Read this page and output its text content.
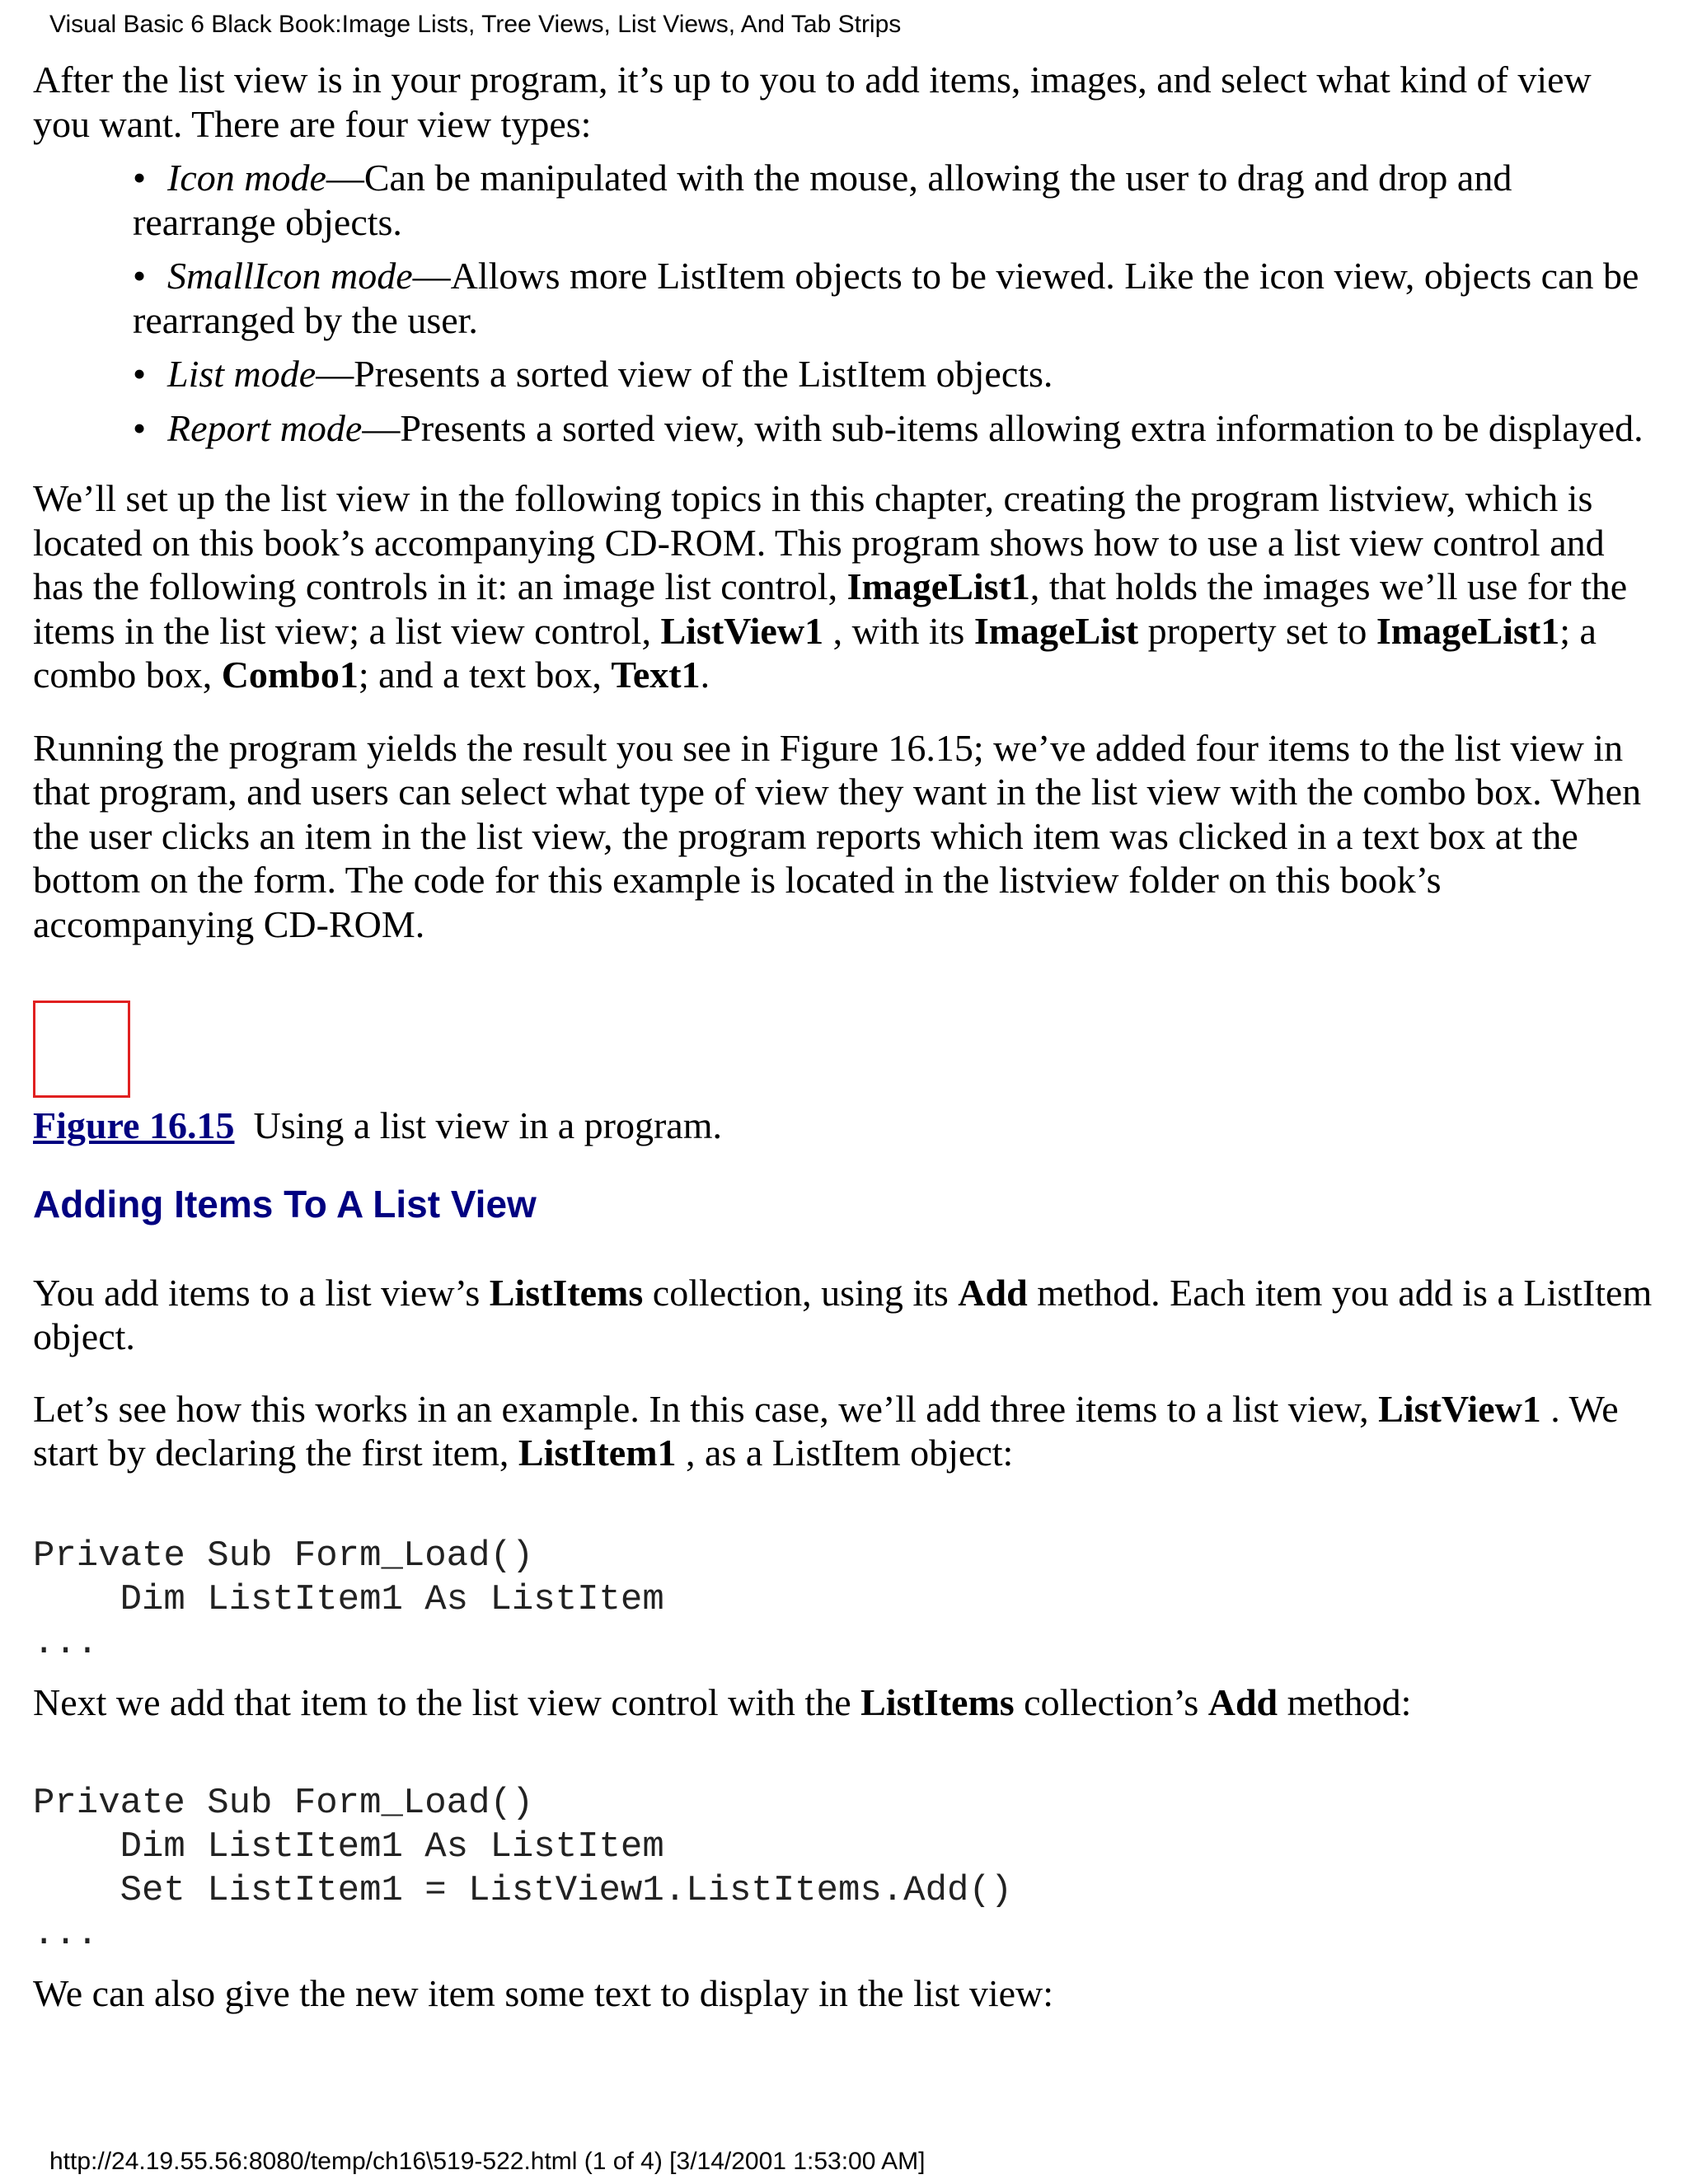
Visual Basic 6 Black Book:Image Lists, Tree Views, List Views, And Tab Strips

After the list view is in your program, it’s up to you to add items, images, and select what kind of view you want. There are four view types:

• Icon mode—Can be manipulated with the mouse, allowing the user to drag and drop and rearrange objects.
• SmallIcon mode—Allows more ListItem objects to be viewed. Like the icon view, objects can be rearranged by the user.
• List mode—Presents a sorted view of the ListItem objects.
• Report mode—Presents a sorted view, with sub-items allowing extra information to be displayed.

We’ll set up the list view in the following topics in this chapter, creating the program listview, which is located on this book’s accompanying CD-ROM. This program shows how to use a list view control and has the following controls in it: an image list control, ImageList1, that holds the images we’ll use for the items in the list view; a list view control, ListView1 , with its ImageList property set to ImageList1; a combo box, Combo1; and a text box, Text1.

Running the program yields the result you see in Figure 16.15; we’ve added four items to the list view in that program, and users can select what type of view they want in the list view with the combo box. When the user clicks an item in the list view, the program reports which item was clicked in a text box at the bottom on the form. The code for this example is located in the listview folder on this book’s accompanying CD-ROM.

Figure 16.15  Using a list view in a program.

Adding Items To A List View

You add items to a list view’s ListItems collection, using its Add method. Each item you add is a ListItem object.

Let’s see how this works in an example. In this case, we’ll add three items to a list view, ListView1 . We start by declaring the first item, ListItem1 , as a ListItem object:

Private Sub Form_Load()
Dim ListItem1 As ListItem
...

Next we add that item to the list view control with the ListItems collection’s Add method:

Private Sub Form_Load()
Dim ListItem1 As ListItem
Set ListItem1 = ListView1.ListItems.Add()
...

We can also give the new item some text to display in the list view:

http://24.19.55.56:8080/temp/ch16\519-522.html (1 of 4) [3/14/2001 1:53:00 AM]
